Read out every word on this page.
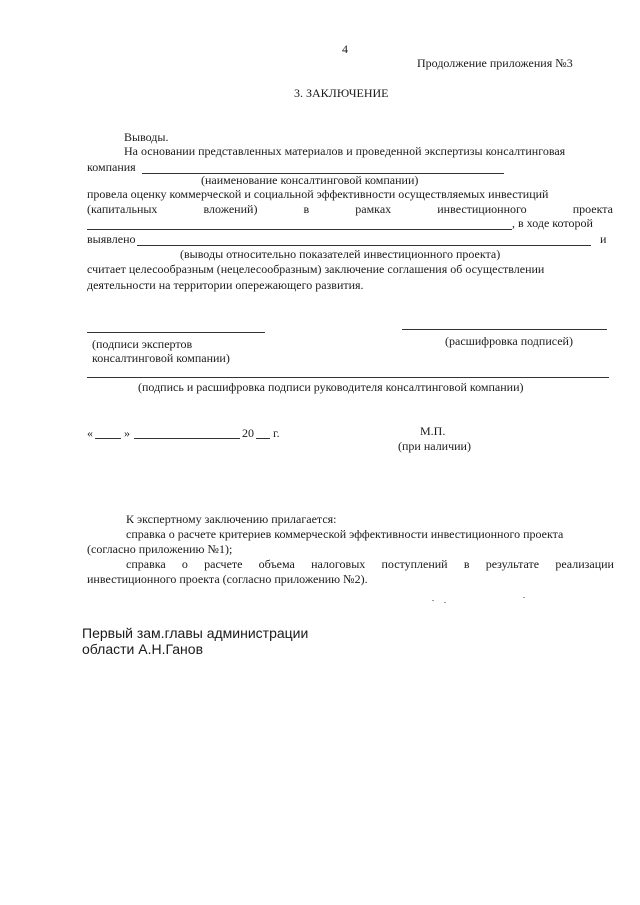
4
Продолжение приложения №3
3. ЗАКЛЮЧЕНИЕ
Выводы.
На основании представленных материалов и проведенной экспертизы консалтинговая
компания
(наименование консалтинговой компании)
провела оценку коммерческой и социальной эффективности осуществляемых инвестиций
(капитальных	вложений)	в	рамках	инвестиционного	проекта
, в ходе которой
выявлено	и
(выводы относительно показателей инвестиционного проекта)
считает целесообразным (нецелесообразным) заключение соглашения об осуществлении
деятельности на территории опережающего развития.
(подписи экспертов	(расшифровка подписей)
консалтинговой компании)
(подпись и расшифровка подписи руководителя консалтинговой компании)
«	»	20 г.	М.П.
(при наличии)
К экспертному заключению прилагается:
справка о расчете критериев коммерческой эффективности инвестиционного проекта
(согласно приложению №1);
справка о расчете объема налоговых поступлений в результате реализации
инвестиционного проекта (согласно приложению №2).
Первый зам.главы администрации
области А.Н.Ганов
